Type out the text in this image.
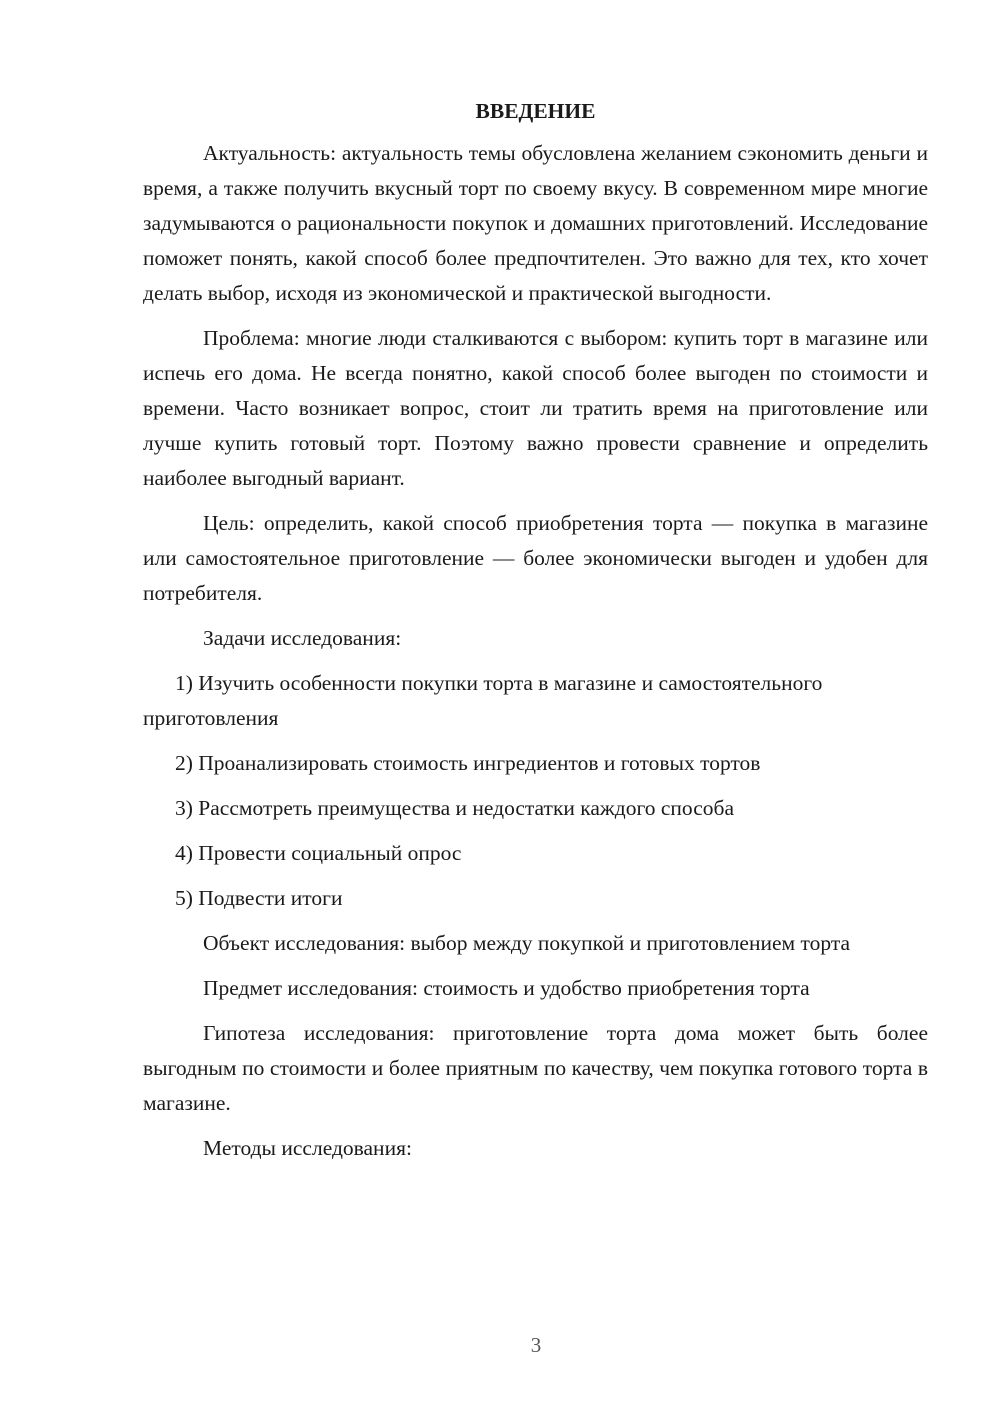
ВВЕДЕНИЕ

Актуальность: актуальность темы обусловлена желанием сэкономить деньги и время, а также получить вкусный торт по своему вкусу. В современном мире многие задумываются о рациональности покупок и домашних приготовлений. Исследование поможет понять, какой способ более предпочтителен. Это важно для тех, кто хочет делать выбор, исходя из экономической и практической выгодности.

Проблема: многие люди сталкиваются с выбором: купить торт в магазине или испечь его дома. Не всегда понятно, какой способ более выгоден по стоимости и времени. Часто возникает вопрос, стоит ли тратить время на приготовление или лучше купить готовый торт. Поэтому важно провести сравнение и определить наиболее выгодный вариант.

Цель: определить, какой способ приобретения торта — покупка в магазине или самостоятельное приготовление — более экономически выгоден и удобен для потребителя.

Задачи исследования:

1) Изучить особенности покупки торта в магазине и самостоятельного приготовления

2) Проанализировать стоимость ингредиентов и готовых тортов

3) Рассмотреть преимущества и недостатки каждого способа

4) Провести социальный опрос

5) Подвести итоги

Объект исследования: выбор между покупкой и приготовлением торта

Предмет исследования: стоимость и удобство приобретения торта

Гипотеза исследования: приготовление торта дома может быть более выгодным по стоимости и более приятным по качеству, чем покупка готового торта в магазине.

Методы исследования:

3
